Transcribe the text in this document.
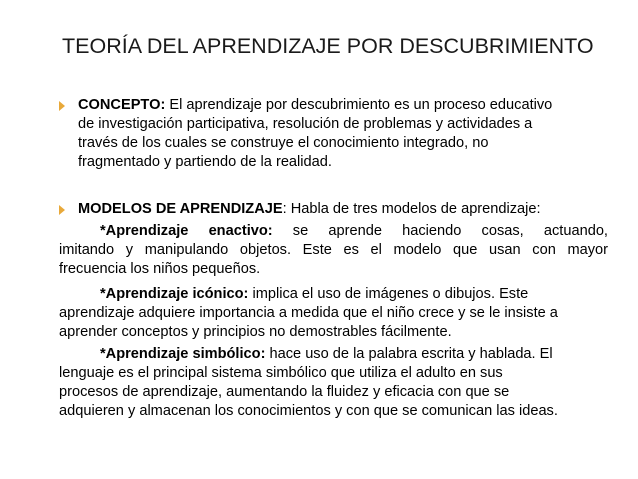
TEORÍA DEL APRENDIZAJE POR DESCUBRIMIENTO
CONCEPTO: El aprendizaje por descubrimiento es un proceso educativo
de investigación participativa, resolución de problemas y actividades a
través de los cuales se construye el conocimiento integrado, no
fragmentado y partiendo de la realidad.
MODELOS DE APRENDIZAJE: Habla de tres modelos de aprendizaje:
*Aprendizaje enactivo: se aprende haciendo cosas, actuando,
imitando y manipulando objetos. Este es el modelo que usan con mayor
frecuencia los niños pequeños.
*Aprendizaje icónico: implica el uso de imágenes o dibujos. Este
aprendizaje adquiere importancia a medida que el niño crece y se le insiste a
aprender conceptos y principios no demostrables fácilmente.
*Aprendizaje simbólico: hace uso de la palabra escrita y hablada. El
lenguaje es el principal sistema simbólico que utiliza el adulto en sus
procesos de aprendizaje, aumentando la fluidez y eficacia con que se
adquieren y almacenan los conocimientos y con que se comunican las ideas.
